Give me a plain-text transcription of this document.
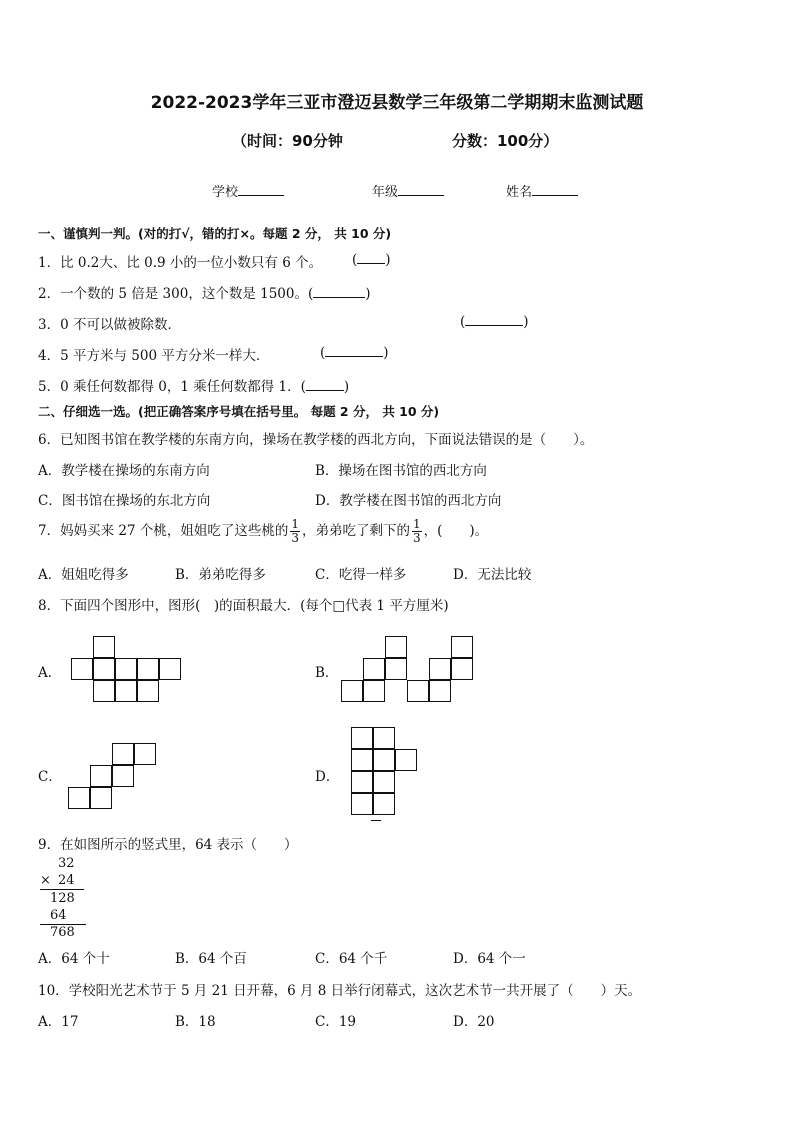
2022-2023学年三亚市澄迈县数学三年级第二学期期末监测试题
（时间：90分钟	分数：100分）
学校	年级	姓名
一、谨慎判一判。(对的打√，错的打×。每题 2 分， 共 10 分)
1．比 0.2大、比 0.9 小的一位小数只有 6 个。 ( )
2．一个数的 5 倍是 300，这个数是 1500。(	)
3．0 不可以做被除数．	(	)
4．5 平方米与 500 平方分米一样大．	(	)
5．0 乘任何数都得 0，1 乘任何数都得 1．(	)
二、仔细选一选。(把正确答案序号填在括号里。 每题 2 分， 共 10 分)
6．已知图书馆在教学楼的东南方向，操场在教学楼的西北方向，下面说法错误的是（　　）。
A．教学楼在操场的东南方向	B．操场在图书馆的西北方向
C．图书馆在操场的东北方向	D．教学楼在图书馆的西北方向
7．妈妈买来 27 个桃，姐姐吃了这些桃的 $\frac{1}{3}$ ，弟弟吃了剩下的 $\frac{1}{3}$ ，(　　)。
A．姐姐吃得多	B．弟弟吃得多	C．吃得一样多	D．无法比较
8．下面四个图形中，图形(　)的面积最大．(每个□代表 1 平方厘米)
A．	B．
C．	D．
9．在如图所示的竖式里，64 表示（　　）
32
× 24
128
64
768
A．64 个十	B．64 个百	C．64 个千	D．64 个一
10．学校阳光艺术节于 5 月 21 日开幕，6 月 8 日举行闭幕式，这次艺术节一共开展了（　　）天。
A．17	B．18	C．19	D．20
